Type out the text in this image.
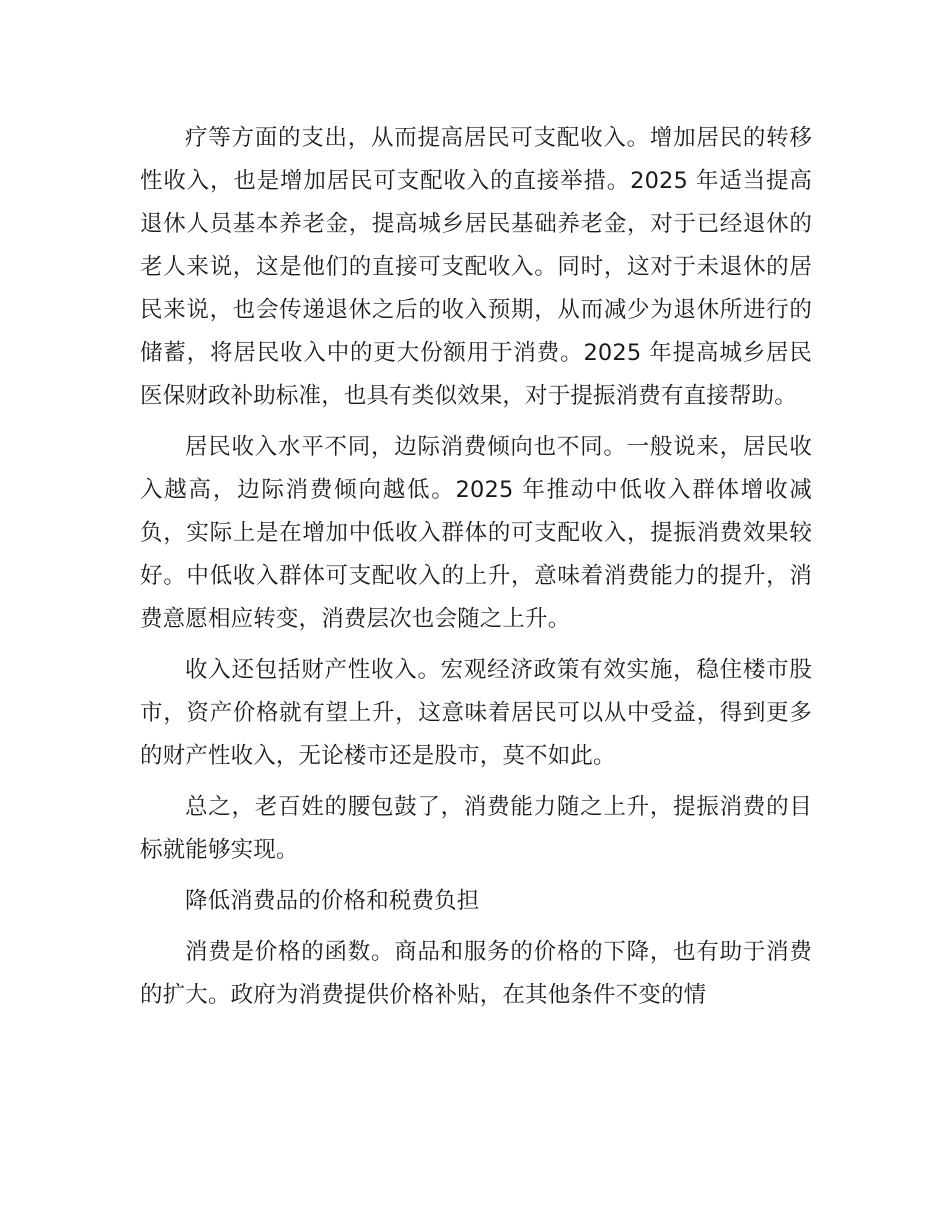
疗等方面的支出，从而提高居民可支配收入。增加居民的转移性收入，也是增加居民可支配收入的直接举措。2025 年适当提高退休人员基本养老金，提高城乡居民基础养老金，对于已经退休的老人来说，这是他们的直接可支配收入。同时，这对于未退休的居民来说，也会传递退休之后的收入预期，从而减少为退休所进行的储蓄，将居民收入中的更大份额用于消费。2025 年提高城乡居民医保财政补助标准，也具有类似效果，对于提振消费有直接帮助。

居民收入水平不同，边际消费倾向也不同。一般说来，居民收入越高，边际消费倾向越低。2025 年推动中低收入群体增收减负，实际上是在增加中低收入群体的可支配收入，提振消费效果较好。中低收入群体可支配收入的上升，意味着消费能力的提升，消费意愿相应转变，消费层次也会随之上升。

收入还包括财产性收入。宏观经济政策有效实施，稳住楼市股市，资产价格就有望上升，这意味着居民可以从中受益，得到更多的财产性收入，无论楼市还是股市，莫不如此。

总之，老百姓的腰包鼓了，消费能力随之上升，提振消费的目标就能够实现。

降低消费品的价格和税费负担

消费是价格的函数。商品和服务的价格的下降，也有助于消费的扩大。政府为消费提供价格补贴，在其他条件不变的情
